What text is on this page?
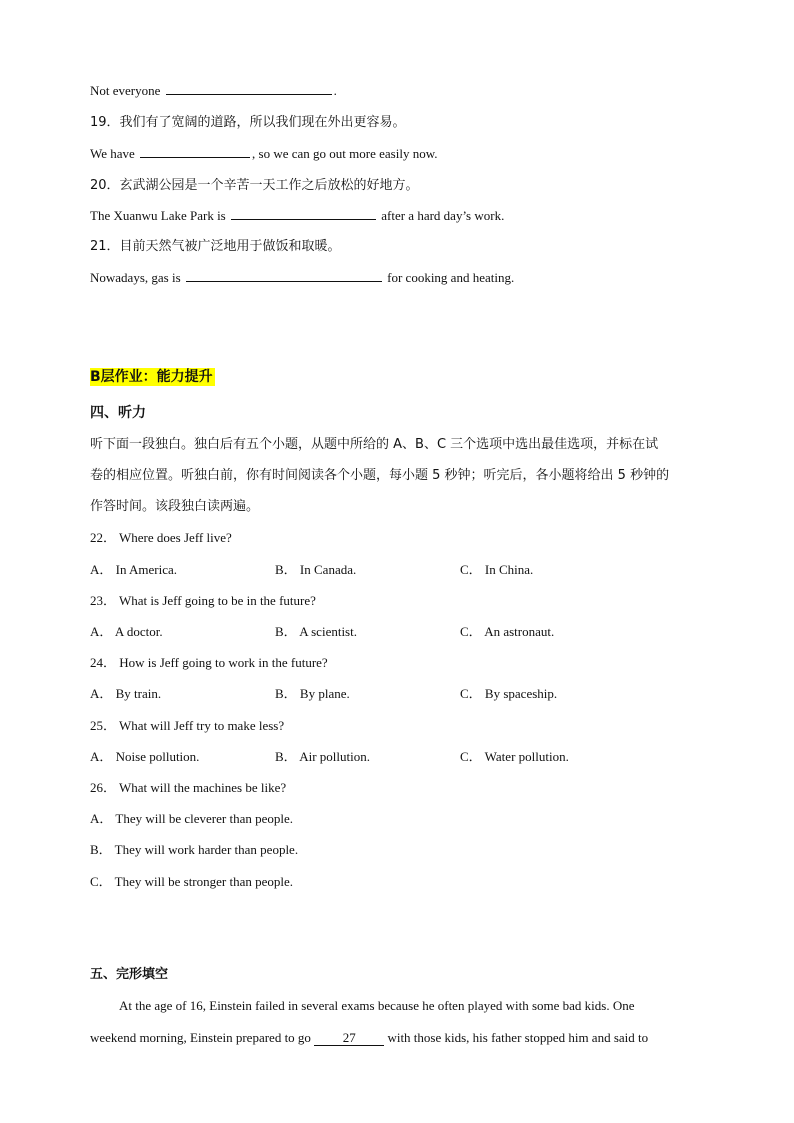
Not everyone	.
19．我们有了宽阔的道路，所以我们现在外出更容易。
We have	, so we can go out more easily now.
20．玄武湖公园是一个辛苦一天工作之后放松的好地方。
The Xuanwu Lake Park is	after a hard day’s work.
21．目前天然气被广泛地用于做饭和取暖。
Nowadays, gas is	for cooking and heating.
B层作业：能力提升
四、听力
听下面一段独白。独白后有五个小题，从题中所给的 A、B、C 三个选项中选出最佳选项，并标在试
卷的相应位置。听独白前，你有时间阅读各个小题，每小题 5 秒钟；听完后，各小题将给出 5 秒钟的
作答时间。该段独白读两遍。
22． Where does Jeff live?
A． In America.	B． In Canada.	C． In China.
23． What is Jeff going to be in the future?
A． A doctor.	B． A scientist.	C． An astronaut.
24． How is Jeff going to work in the future?
A． By train.	B． By plane.	C． By spaceship.
25． What will Jeff try to make less?
A． Noise pollution.	B． Air pollution.	C． Water pollution.
26． What will the machines be like?
A． They will be cleverer than people.
B． They will work harder than people.
C． They will be stronger than people.
五、完形填空
At the age of 16, Einstein failed in several exams because he often played with some bad kids. One
weekend morning, Einstein prepared to go 27 with those kids, his father stopped him and said to
